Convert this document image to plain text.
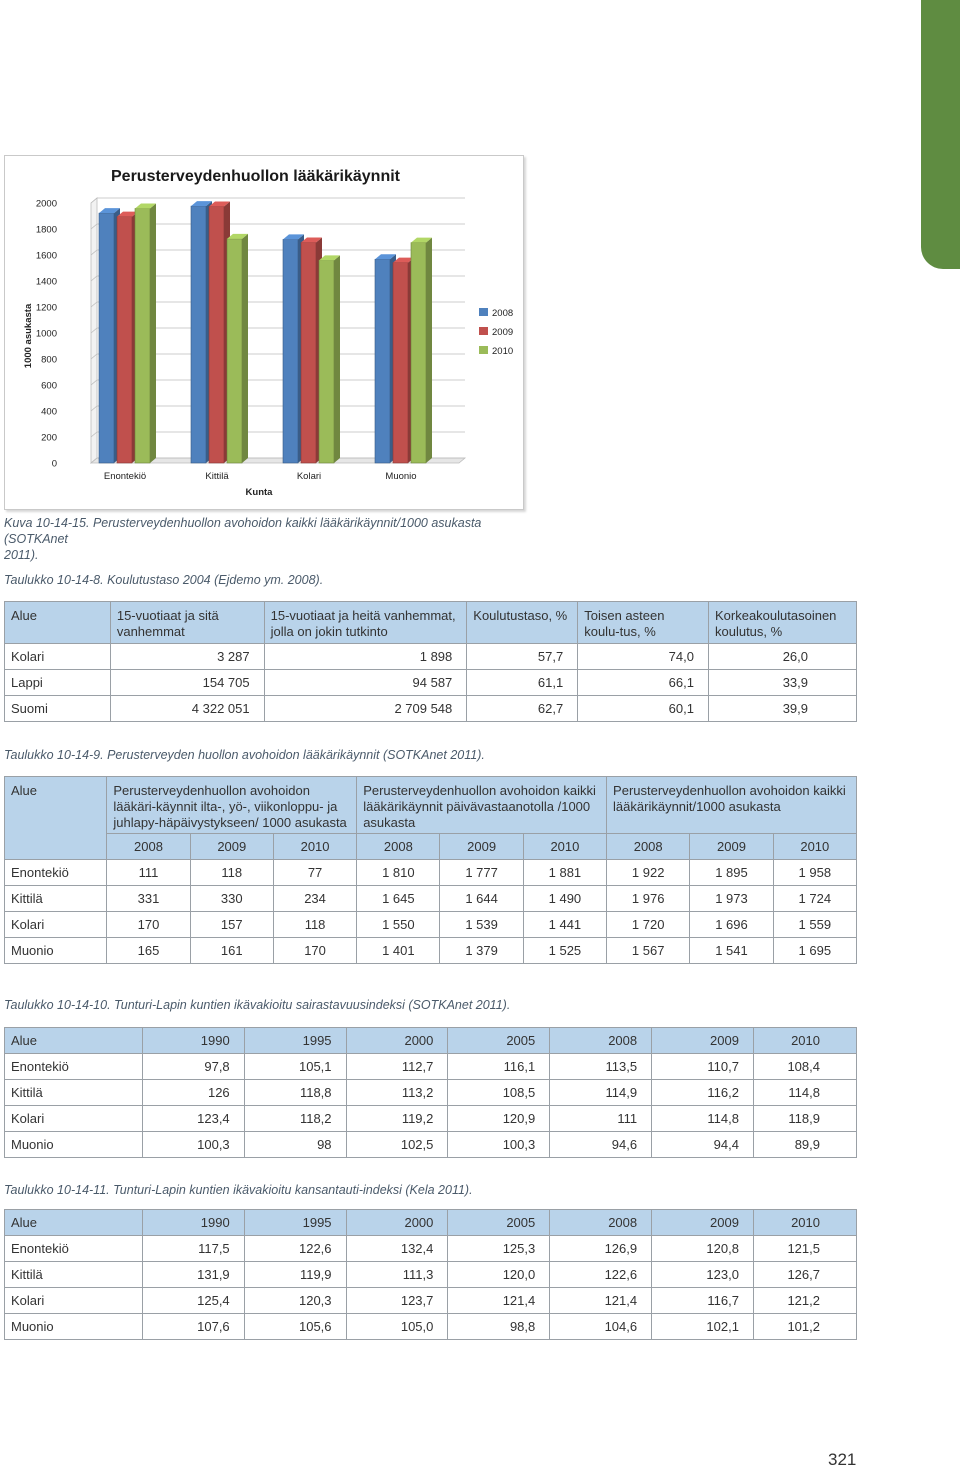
Perusterveydenhuollon lääkärikäynnit
0
200
400
600
800
1000
1200
1400
1600
1800
2000
Enontekiö	Kittilä	Kolari	Muonio
Kunta
1000 asukasta	2008
2009
2010
Kuva 10-14-15. Perusterveydenhuollon avohoidon kaikki lääkärikäynnit/1000 asukasta (SOTKAnet
2011).
Taulukko 10-14-8. Koulutustaso 2004 (Ejdemo ym. 2008).
Alue	15-vuotiaat ja sitä vanhemmat	15-vuotiaat ja heitä vanhemmat, jolla on jokin tutkinto	Koulutustaso, %	Toisen asteen koulu-tus, %	Korkeakoulutasoinen koulutus, %
Kolari	3 287	1 898	57,7	74,0	26,0
Lappi	154 705	94 587	61,1	66,1	33,9
Suomi	4 322 051	2 709 548	62,7	60,1	39,9
Taulukko 10-14-9. Perusterveyden huollon avohoidon lääkärikäynnit (SOTKAnet 2011).
Alue	Perusterveydenhuollon avohoidon lääkäri-käynnit ilta-, yö-, viikonloppu- ja juhlapy-häpäivystykseen/ 1000 asukasta			Perusterveydenhuollon avohoidon kaikki lääkärikäynnit päivävastaanotolla /1000 asukasta			Perusterveydenhuollon avohoidon kaikki lääkärikäynnit/1000 asukasta		
	2008	2009	2010	2008	2009	2010	2008	2009	2010
Enontekiö	111	118	77	1 810	1 777	1 881	1 922	1 895	1 958
Kittilä	331	330	234	1 645	1 644	1 490	1 976	1 973	1 724
Kolari	170	157	118	1 550	1 539	1 441	1 720	1 696	1 559
Muonio	165	161	170	1 401	1 379	1 525	1 567	1 541	1 695
Taulukko 10-14-10. Tunturi-Lapin kuntien ikävakioitu sairastavuusindeksi (SOTKAnet 2011).
Alue	1990	1995	2000	2005	2008	2009	2010
Enontekiö	97,8	105,1	112,7	116,1	113,5	110,7	108,4
Kittilä	126	118,8	113,2	108,5	114,9	116,2	114,8
Kolari	123,4	118,2	119,2	120,9	111	114,8	118,9
Muonio	100,3	98	102,5	100,3	94,6	94,4	89,9
Taulukko 10-14-11. Tunturi-Lapin kuntien ikävakioitu kansantauti-indeksi (Kela 2011).
Alue	1990	1995	2000	2005	2008	2009	2010
Enontekiö	117,5	122,6	132,4	125,3	126,9	120,8	121,5
Kittilä	131,9	119,9	111,3	120,0	122,6	123,0	126,7
Kolari	125,4	120,3	123,7	121,4	121,4	116,7	121,2
Muonio	107,6	105,6	105,0	98,8	104,6	102,1	101,2
321
